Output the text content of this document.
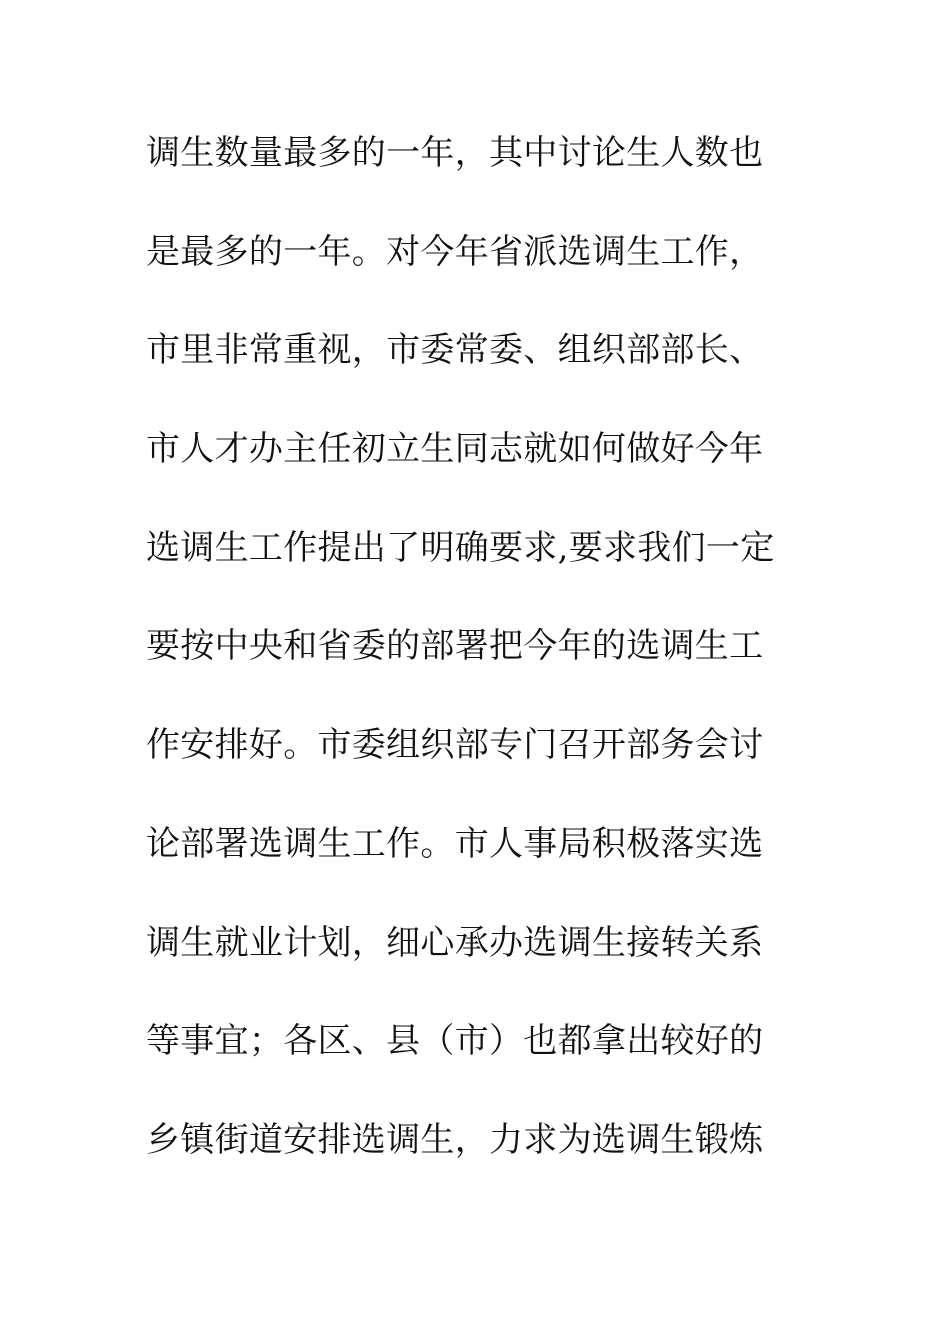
调生数量最多的一年，其中讨论生人数也
是最多的一年。对今年省派选调生工作，
市里非常重视，市委常委、组织部部长、
市人才办主任初立生同志就如何做好今年
选调生工作提出了明确要求,要求我们一定
要按中央和省委的部署把今年的选调生工
作安排好。市委组织部专门召开部务会讨
论部署选调生工作。市人事局积极落实选
调生就业计划，细心承办选调生接转关系
等事宜；各区、县（市）也都拿出较好的
乡镇街道安排选调生，力求为选调生锻炼
